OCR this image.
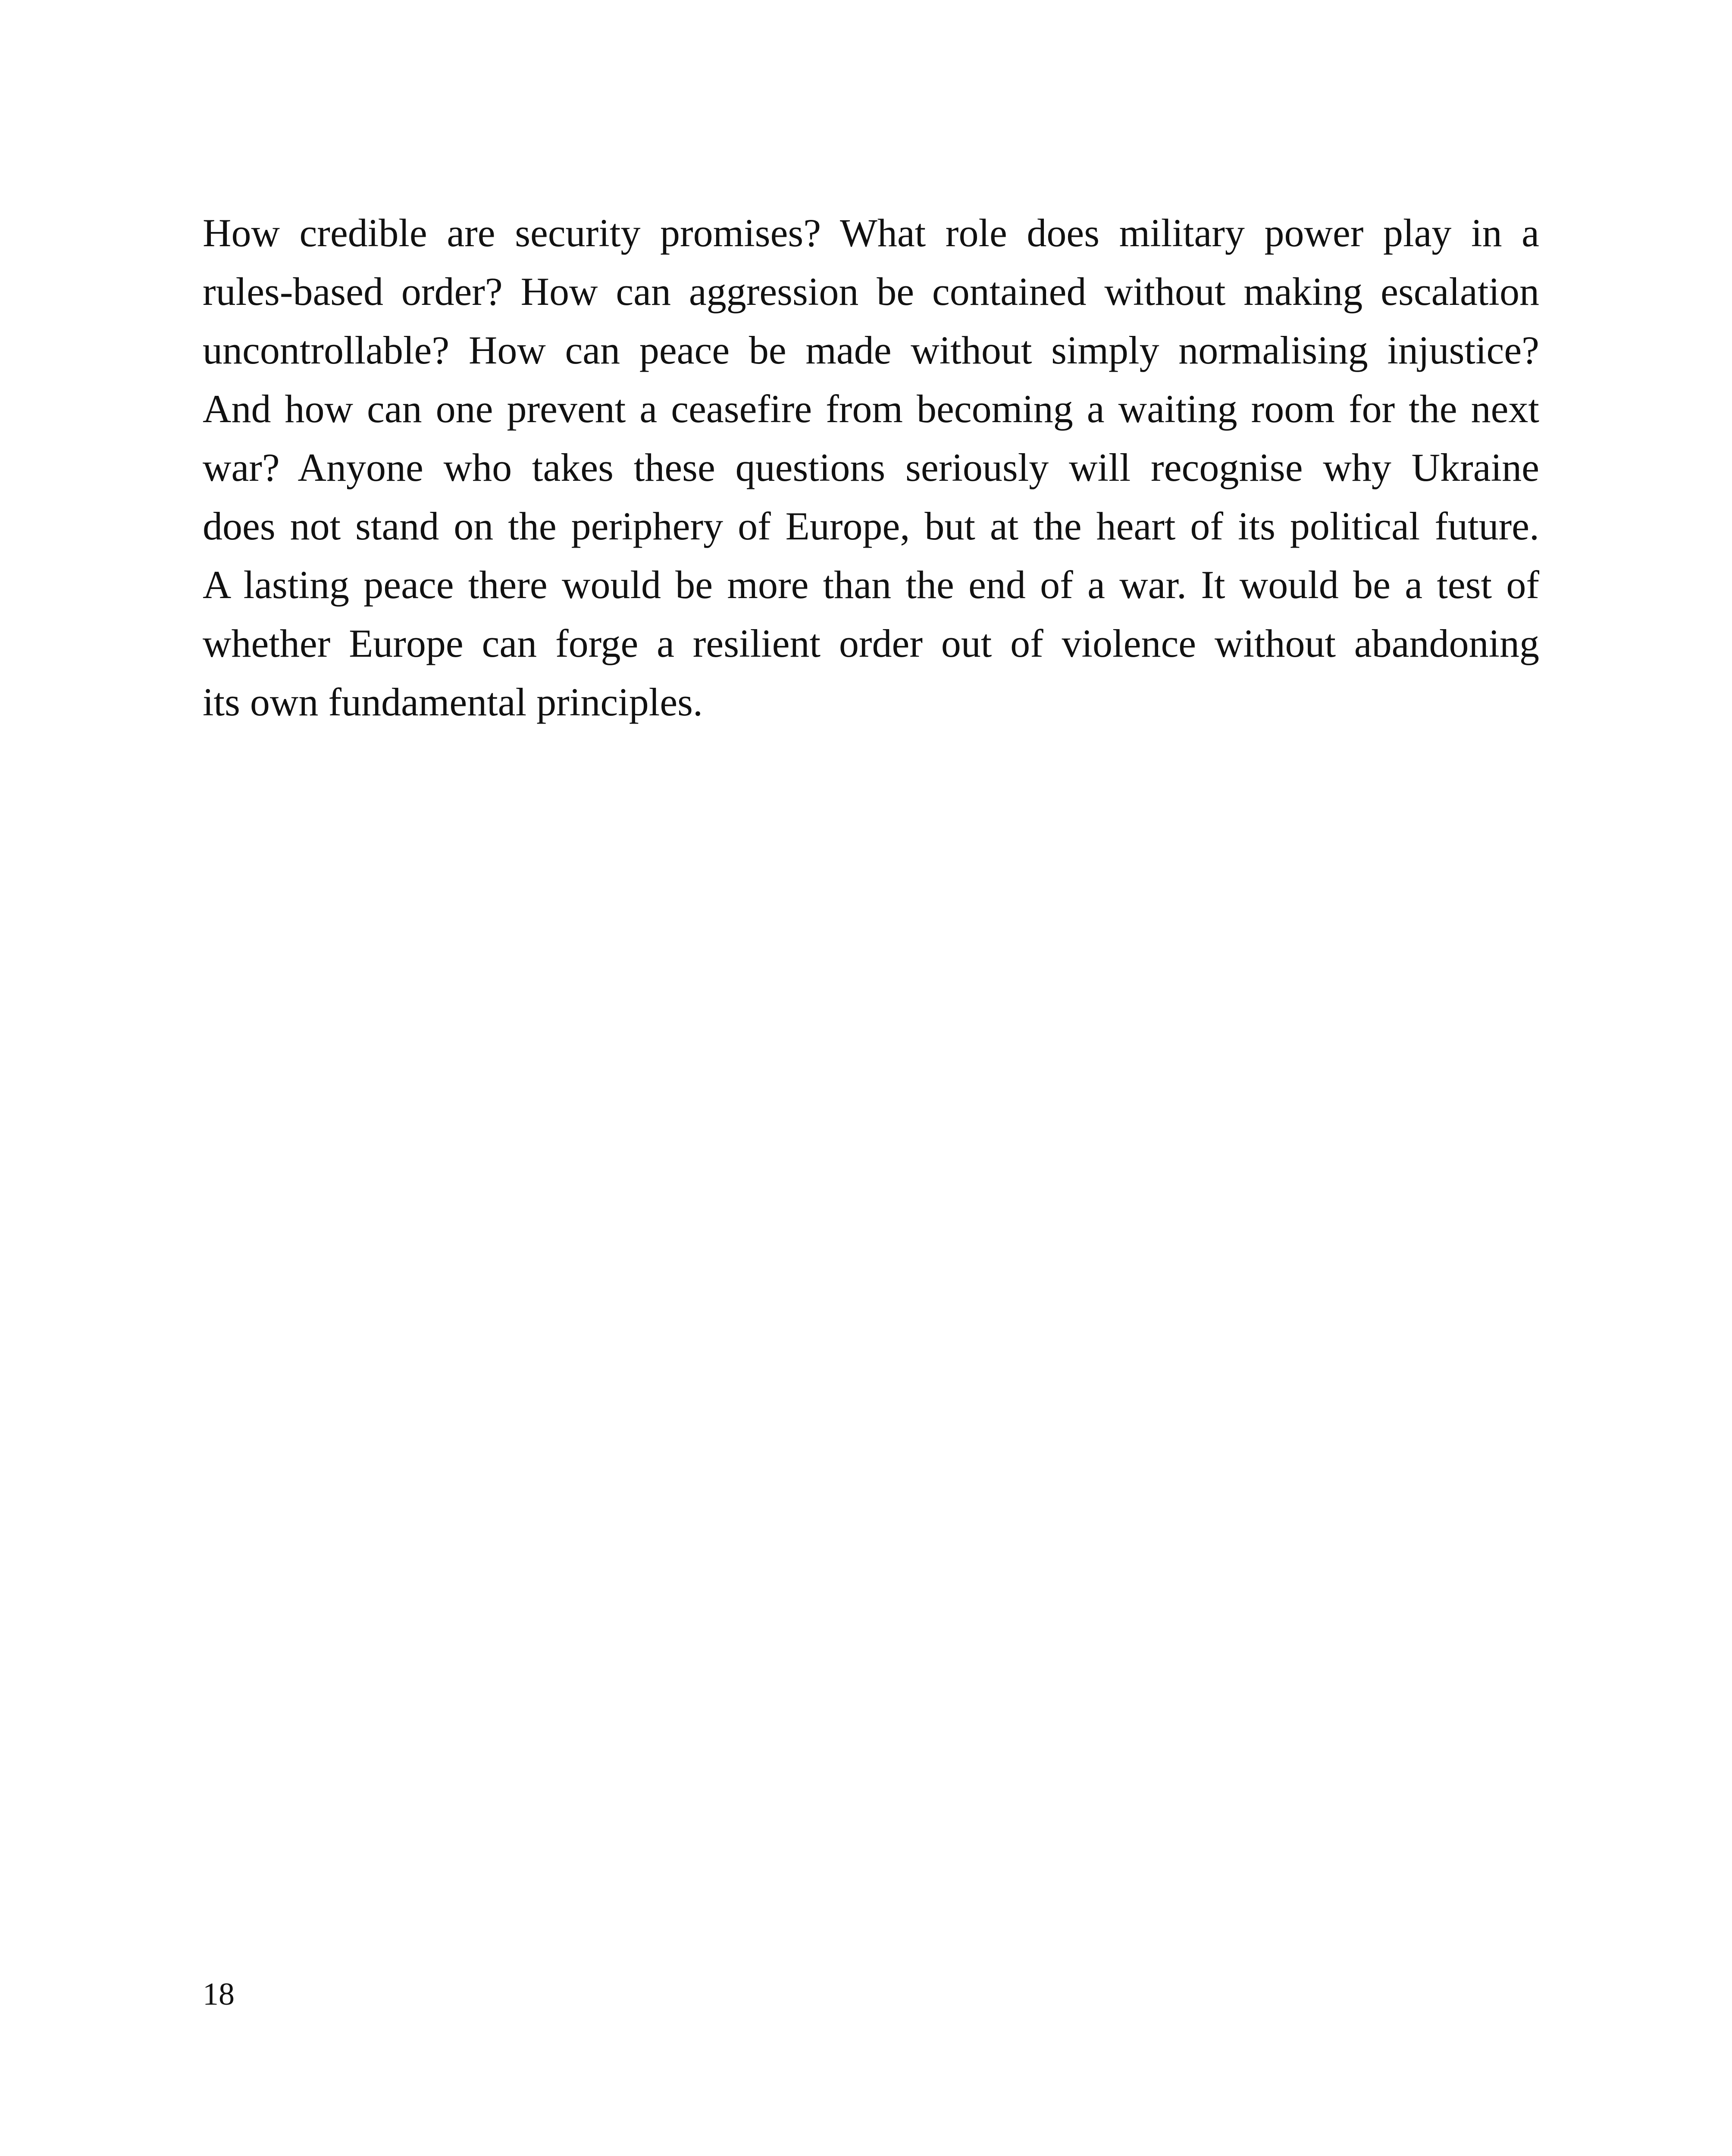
How credible are security promises? What role does military power play in a
rules-based order? How can aggression be contained without making escalation
uncontrollable? How can peace be made without simply normalising injustice?
And how can one prevent a ceasefire from becoming a waiting room for the next
war? Anyone who takes these questions seriously will recognise why Ukraine
does not stand on the periphery of Europe, but at the heart of its political future.
A lasting peace there would be more than the end of a war. It would be a test of
whether Europe can forge a resilient order out of violence without abandoning
its own fundamental principles.

18
